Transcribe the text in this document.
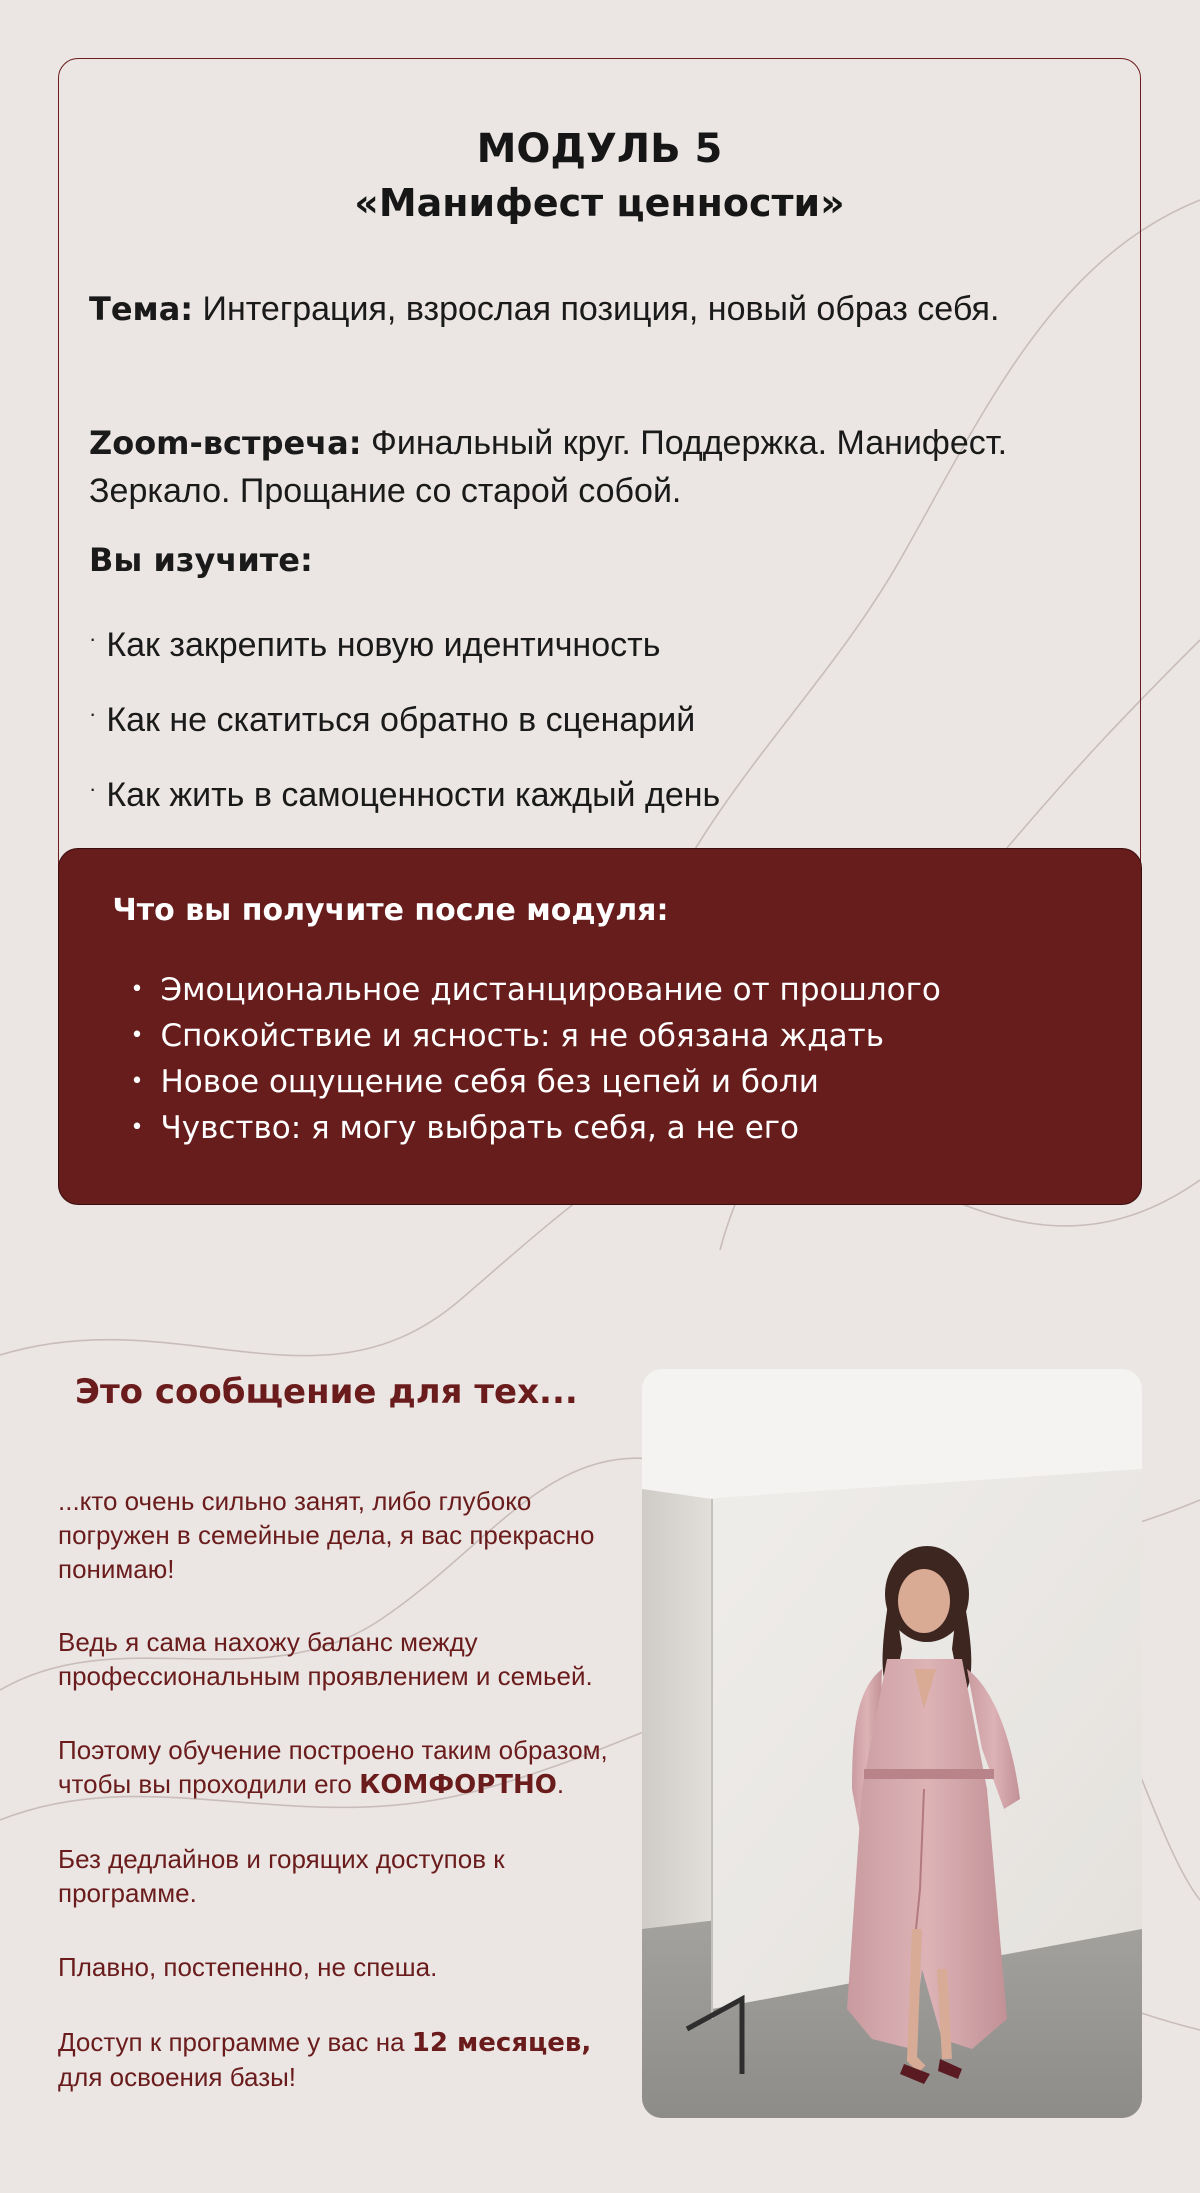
МОДУЛЬ 5
«Манифест ценности»
Тема: Интеграция, взрослая позиция, новый образ себя.
Zoom-встреча: Финальный круг. Поддержка. Манифест. Зеркало. Прощание со старой собой.
Вы изучите:
· Как закрепить новую идентичность
· Как не скатиться обратно в сценарий
· Как жить в самоценности каждый день
Что вы получите после модуля:
• Эмоциональное дистанцирование от прошлого
• Спокойствие и ясность: я не обязана ждать
• Новое ощущение себя без цепей и боли
• Чувство: я могу выбрать себя, а не его
Это сообщение для тех...
...кто очень сильно занят, либо глубоко погружен в семейные дела, я вас прекрасно понимаю!
Ведь я сама нахожу баланс между профессиональным проявлением и семьей.
Поэтому обучение построено таким образом, чтобы вы проходили его КОМФОРТНО.
Без дедлайнов и горящих доступов к программе.
Плавно, постепенно, не спеша.
Доступ к программе у вас на 12 месяцев, для освоения базы!
